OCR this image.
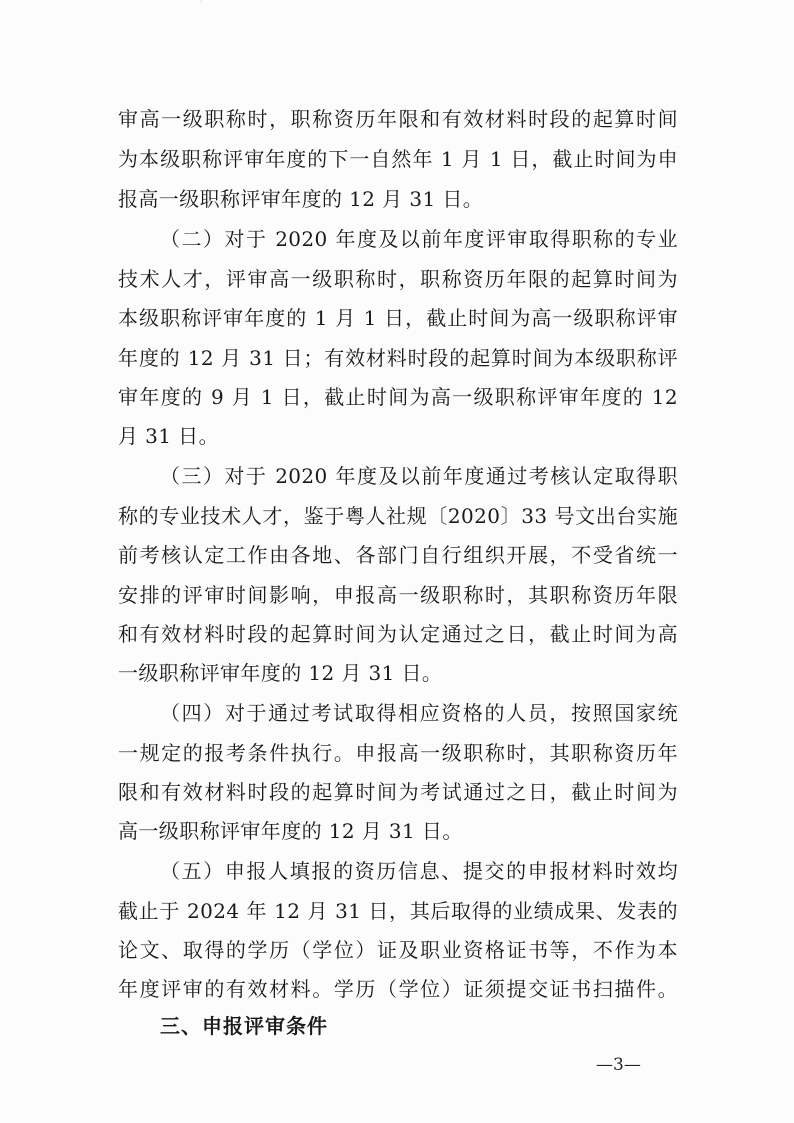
审高一级职称时，职称资历年限和有效材料时段的起算时间
为本级职称评审年度的下一自然年 1 月 1 日，截止时间为申
报高一级职称评审年度的 12 月 31 日。
（二）对于 2020 年度及以前年度评审取得职称的专业
技术人才，评审高一级职称时，职称资历年限的起算时间为
本级职称评审年度的 1 月 1 日，截止时间为高一级职称评审
年度的 12 月 31 日；有效材料时段的起算时间为本级职称评
审年度的 9 月 1 日，截止时间为高一级职称评审年度的 12
月 31 日。
（三）对于 2020 年度及以前年度通过考核认定取得职
称的专业技术人才，鉴于粤人社规〔2020〕33 号文出台实施
前考核认定工作由各地、各部门自行组织开展，不受省统一
安排的评审时间影响，申报高一级职称时，其职称资历年限
和有效材料时段的起算时间为认定通过之日，截止时间为高
一级职称评审年度的 12 月 31 日。
（四）对于通过考试取得相应资格的人员，按照国家统
一规定的报考条件执行。申报高一级职称时，其职称资历年
限和有效材料时段的起算时间为考试通过之日，截止时间为
高一级职称评审年度的 12 月 31 日。
（五）申报人填报的资历信息、提交的申报材料时效均
截止于 2024 年 12 月 31 日，其后取得的业绩成果、发表的
论文、取得的学历（学位）证及职业资格证书等，不作为本
年度评审的有效材料。学历（学位）证须提交证书扫描件。
三、申报评审条件
—3—
